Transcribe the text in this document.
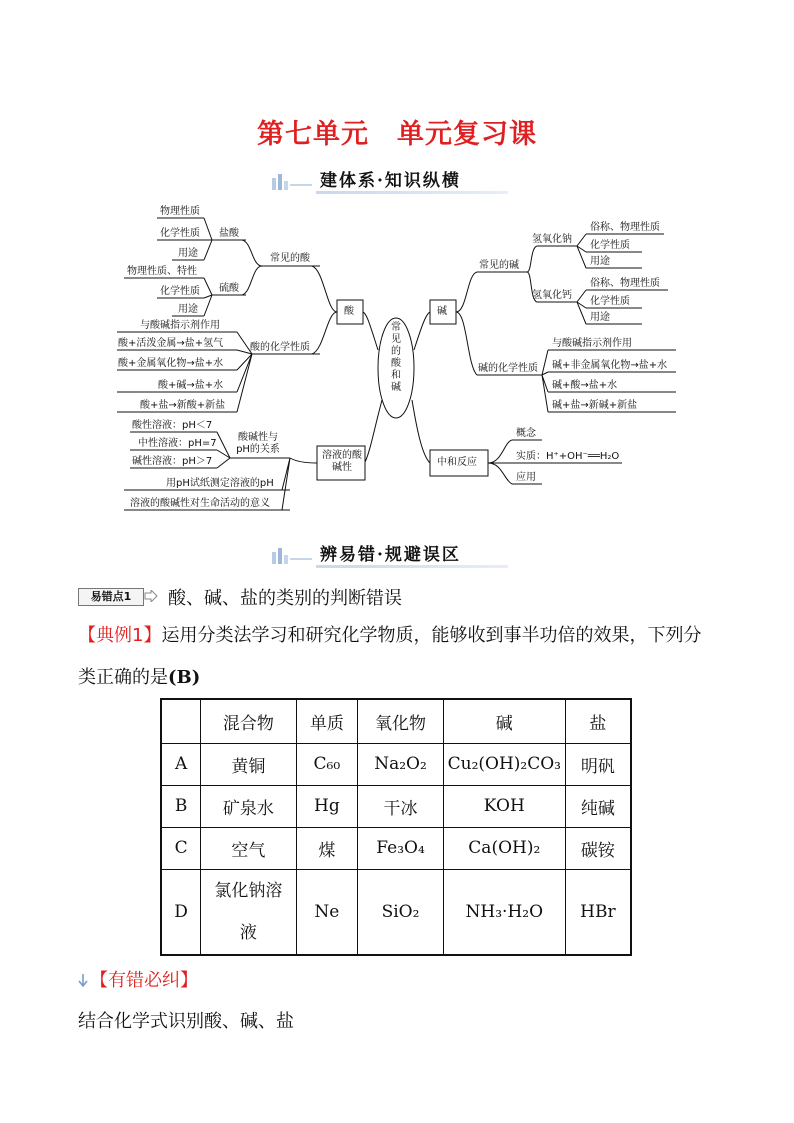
第七单元　单元复习课
建体系·知识纵横
常见的酸和碱
酸	碱
溶液的酸碱性	中和反应
常见的酸
盐酸
硫酸
物理性质
化学性质
用途
物理性质、特性
化学性质
用途
酸的化学性质
与酸碱指示剂作用
酸+活泼金属→盐+氢气
酸+金属氧化物→盐+水
酸+碱→盐+水
酸+盐→新酸+新盐
酸碱性与pH的关系
酸性溶液：pH＜7
中性溶液：pH=7
碱性溶液：pH＞7
用pH试纸测定溶液的pH
溶液的酸碱性对生命活动的意义
常见的碱
氢氧化钠
氢氧化钙
俗称、物理性质
化学性质
用途
俗称、物理性质
化学性质
用途
碱的化学性质
与酸碱指示剂作用
碱+非金属氧化物→盐+水
碱+酸→盐+水
碱+盐→新碱+新盐
概念
实质：H⁺+OH⁻══H₂O
应用
辨易错·规避误区
易错点1	酸、碱、盐的类别的判断错误
【典例1】运用分类法学习和研究化学物质，能够收到事半功倍的效果，下列分
类正确的是(B)
	混合物	单质	氧化物	碱	盐
A	黄铜	C₆₀	Na₂O₂	Cu₂(OH)₂CO₃	明矾
B	矿泉水	Hg	干冰	KOH	纯碱
C	空气	煤	Fe₃O₄	Ca(OH)₂	碳铵
D	氯化钠溶液	Ne	SiO₂	NH₃·H₂O	HBr
【有错必纠】
结合化学式识别酸、碱、盐
